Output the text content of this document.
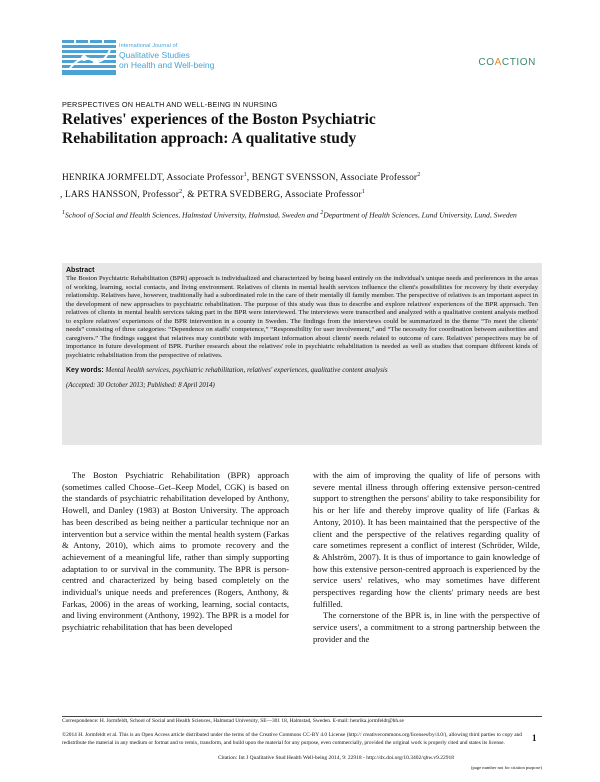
International Journal of
Qualitative Studies
on Health and Well-being	COACTION
PERSPECTIVES ON HEALTH AND WELL-BEING IN NURSING
Relatives' experiences of the Boston Psychiatric
Rehabilitation approach: A qualitative study
HENRIKA JORMFELDT, Associate Professor$^1$, BENGT SVENSSON, Associate Professor$^2$
, LARS HANSSON, Professor$^2$, & PETRA SVEDBERG, Associate Professor$^1$
$^1$School of Social and Health Sciences, Halmstad University, Halmstad, Sweden and $^2$Department of Health Sciences, Lund University, Lund, Sweden
Abstract
The Boston Psychiatric Rehabilitation (BPR) approach is individualized and characterized by being based entirely on the individual's unique needs and preferences in the areas of working, learning, social contacts, and living environment. Relatives of clients in mental health services influence the client's possibilities for recovery by their everyday relationship. Relatives have, however, traditionally had a subordinated role in the care of their mentally ill family member. The perspective of relatives is an important aspect in the development of new approaches to psychiatric rehabilitation. The purpose of this study was thus to describe and explore relatives' experiences of the BPR approach. Ten relatives of clients in mental health services taking part in the BPR were interviewed. The interviews were transcribed and analyzed with a qualitative content analysis method to explore relatives' experiences of the BPR intervention in a county in Sweden. The findings from the interviews could be summarized in the theme “To meet the clients' needs” consisting of three categories: “Dependence on staffs' competence,” “Responsibility for user involvement,” and “The necessity for coordination between authorities and caregivers.” The findings suggest that relatives may contribute with important information about clients' needs related to outcome of care. Relatives' perspectives may be of importance in future development of BPR. Further research about the relatives' role in psychiatric rehabilitation is needed as well as studies that compare different kinds of psychiatric rehabilitation from the perspective of relatives.
Key words: Mental health services, psychiatric rehabilitation, relatives' experiences, qualitative content analysis
(Accepted: 30 October 2013; Published: 8 April 2014)

The Boston Psychiatric Rehabilitation (BPR) approach (sometimes called Choose–Get–Keep Model, CGK) is based on the standards of psychiatric rehabilitation developed by Anthony, Howell, and Danley (1983) at Boston University. The approach has been described as being neither a particular technique nor an intervention but a service within the mental health system (Farkas & Antony, 2010), which aims to promote recovery and the achievement of a meaningful life, rather than simply supporting adaptation to or survival in the community. The BPR is person-centred and characterized by being based completely on the individual's unique needs and preferences (Rogers, Anthony, & Farkas, 2006) in the areas of working, learning, social contacts, and living environment (Anthony, 1992). The BPR is a model for psychiatric rehabilitation that has been developed

with the aim of improving the quality of life of persons with severe mental illness through offering extensive person-centred support to strengthen the persons' ability to take responsibility for his or her life and thereby improve quality of life (Farkas & Antony, 2010). It has been maintained that the perspective of the client and the perspective of the relatives regarding quality of care sometimes represent a conflict of interest (Schröder, Wilde, & Ahlström, 2007). It is thus of importance to gain knowledge of how this extensive person-centred approach is experienced by the service users' relatives, who may sometimes have different perspectives regarding how the clients' primary needs are best fulfilled.

The cornerstone of the BPR is, in line with the perspective of service users', a commitment to a strong partnership between the provider and the

Correspondence: H. Jormfeldt, School of Social and Health Sciences, Halmstad University, SE—301 18, Halmstad, Sweden. E-mail: henrika.jormfeldt@hh.se
©2014 H. Jormfeldt et al. This is an Open Access article distributed under the terms of the Creative Commons CC-BY 4.0 License (http:// creativecommons.org/licenses/by/4.0/), allowing third parties to copy and redistribute the material in any medium or format and to remix, transform, and build upon the material for any purpose, even commercially, provided the original work is properly cited and states its license.	1
Citation: Int J Qualitative Stud Health Well-being 2014, 9: 22918 - http://dx.doi.org/10.3402/qhw.v9.22918
(page number not for citation purpose)
